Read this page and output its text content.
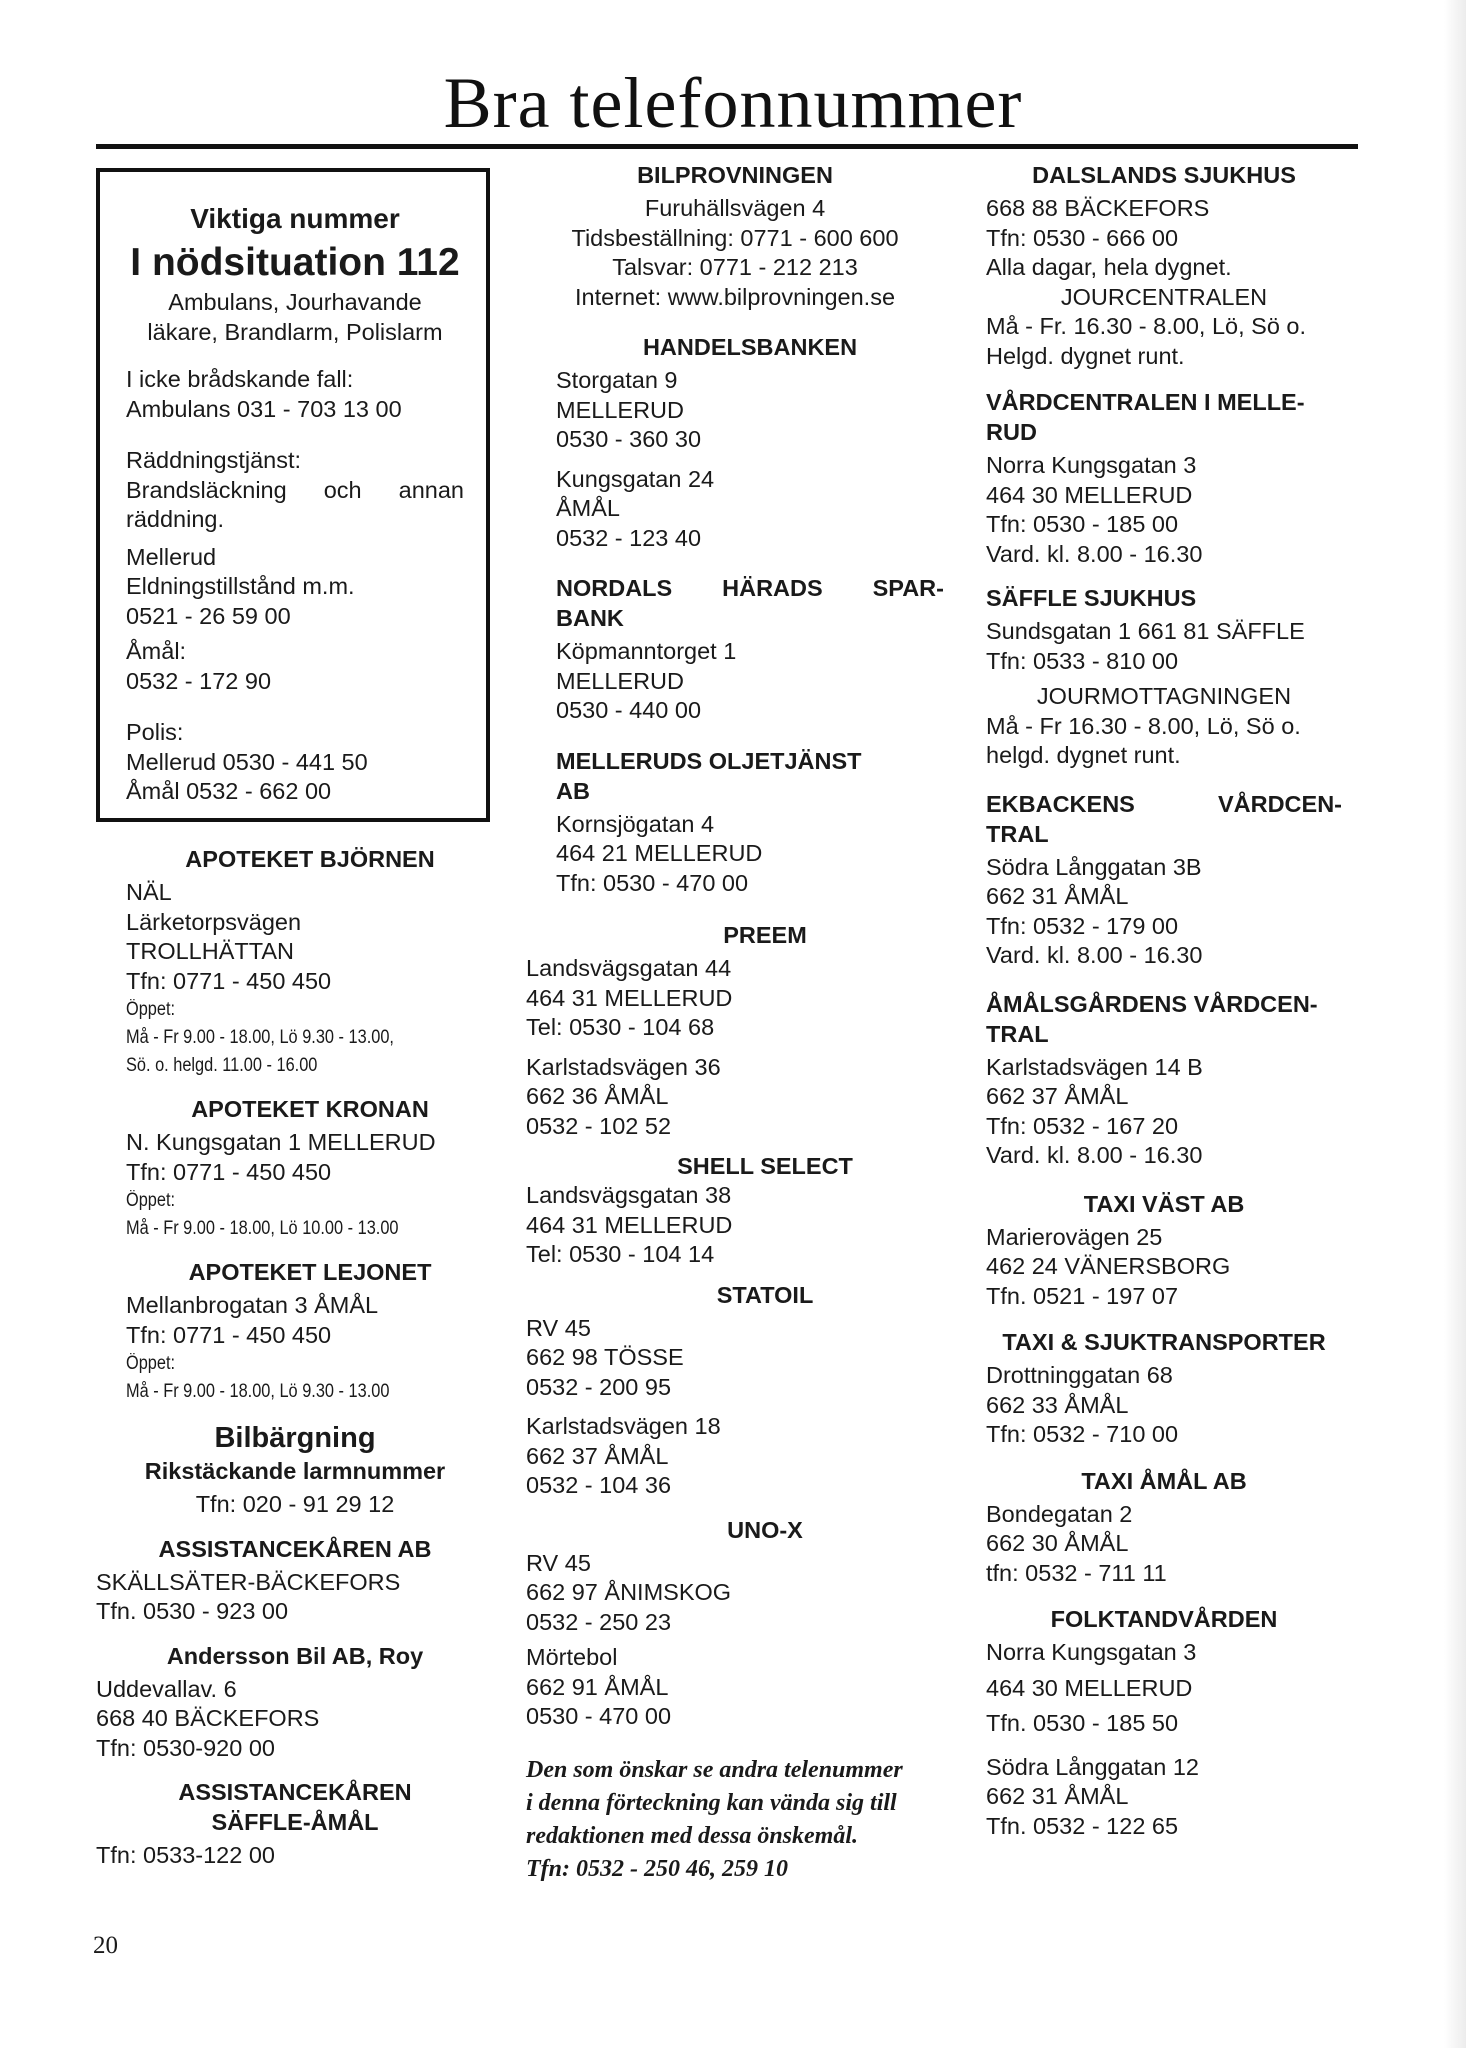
Bra telefonnummer
Viktiga nummer
I nödsituation 112
Ambulans, Jourhavande
läkare, Brandlarm, Polislarm
I icke brådskande fall:
Ambulans 031 - 703 13 00
Räddningstjänst:
Brandsläckning   och   annan
räddning.
Mellerud
Eldningstillstånd m.m.
0521 - 26 59 00
Åmål:
0532 - 172 90
Polis:
Mellerud 0530 - 441 50
Åmål 0532 - 662 00
APOTEKET BJÖRNEN
NÄL
Lärketorpsvägen
TROLLHÄTTAN
Tfn: 0771 - 450 450
Öppet:
Må - Fr 9.00 - 18.00, Lö 9.30 - 13.00,
Sö. o. helgd. 11.00 - 16.00
APOTEKET KRONAN
N. Kungsgatan 1 MELLERUD
Tfn: 0771 - 450 450
Öppet:
Må - Fr 9.00 - 18.00, Lö 10.00 - 13.00
APOTEKET LEJONET
Mellanbrogatan 3 ÅMÅL
Tfn: 0771 - 450 450
Öppet:
Må - Fr 9.00 - 18.00, Lö 9.30 - 13.00
Bilbärgning
Rikstäckande larmnummer
Tfn: 020 - 91 29 12
ASSISTANCEKÅREN AB
SKÄLLSÄTER-BÄCKEFORS
Tfn. 0530 - 923 00
Andersson Bil AB, Roy
Uddevallav. 6
668 40 BÄCKEFORS
Tfn: 0530-920 00
ASSISTANCEKÅREN
SÄFFLE-ÅMÅL
Tfn: 0533-122 00
BILPROVNINGEN
Furuhällsvägen 4
Tidsbeställning: 0771 - 600 600
Talsvar: 0771 - 212 213
Internet: www.bilprovningen.se
HANDELSBANKEN
Storgatan 9
MELLERUD
0530 - 360 30
Kungsgatan 24
ÅMÅL
0532 - 123 40
NORDALS HÄRADS SPAR-
BANK
Köpmanntorget 1
MELLERUD
0530 - 440 00
MELLERUDS OLJETJÄNST
AB
Kornsjögatan 4
464 21 MELLERUD
Tfn: 0530 - 470 00
PREEM
Landsvägsgatan 44
464 31 MELLERUD
Tel: 0530 - 104 68
Karlstadsvägen 36
662 36 ÅMÅL
0532 - 102 52
SHELL SELECT
Landsvägsgatan 38
464 31 MELLERUD
Tel: 0530 - 104 14
STATOIL
RV 45
662 98 TÖSSE
0532 - 200 95
Karlstadsvägen 18
662 37 ÅMÅL
0532 - 104 36
UNO-X
RV 45
662 97 ÅNIMSKOG
0532 - 250 23
Mörtebol
662 91 ÅMÅL
0530 - 470 00
Den som önskar se andra telenummer
i denna förteckning kan vända sig till
redaktionen med dessa önskemål.
Tfn: 0532 - 250 46, 259 10
DALSLANDS SJUKHUS
668 88 BÄCKEFORS
Tfn: 0530 - 666 00
Alla dagar, hela dygnet.
JOURCENTRALEN
Må - Fr. 16.30 - 8.00, Lö, Sö o.
Helgd. dygnet runt.
VÅRDCENTRALEN I MELLE-
RUD
Norra Kungsgatan 3
464 30 MELLERUD
Tfn: 0530 - 185 00
Vard. kl. 8.00 - 16.30
SÄFFLE SJUKHUS
Sundsgatan 1 661 81 SÄFFLE
Tfn: 0533 - 810 00
JOURMOTTAGNINGEN
Må - Fr 16.30 - 8.00, Lö, Sö o.
helgd. dygnet runt.
EKBACKENS	VÅRDCEN-
TRAL
Södra Långgatan 3B
662 31 ÅMÅL
Tfn: 0532 - 179 00
Vard. kl. 8.00 - 16.30
ÅMÅLSGÅRDENS VÅRDCEN-
TRAL
Karlstadsvägen 14 B
662 37 ÅMÅL
Tfn: 0532 - 167 20
Vard. kl. 8.00 - 16.30
TAXI VÄST AB
Marierovägen 25
462 24 VÄNERSBORG
Tfn. 0521 - 197 07
TAXI & SJUKTRANSPORTER
Drottninggatan 68
662 33 ÅMÅL
Tfn: 0532 - 710 00
TAXI ÅMÅL AB
Bondegatan 2
662 30 ÅMÅL
tfn: 0532 - 711 11
FOLKTANDVÅRDEN
Norra Kungsgatan 3
464 30 MELLERUD
Tfn. 0530 - 185 50
Södra Långgatan 12
662 31 ÅMÅL
Tfn. 0532 - 122 65
20
